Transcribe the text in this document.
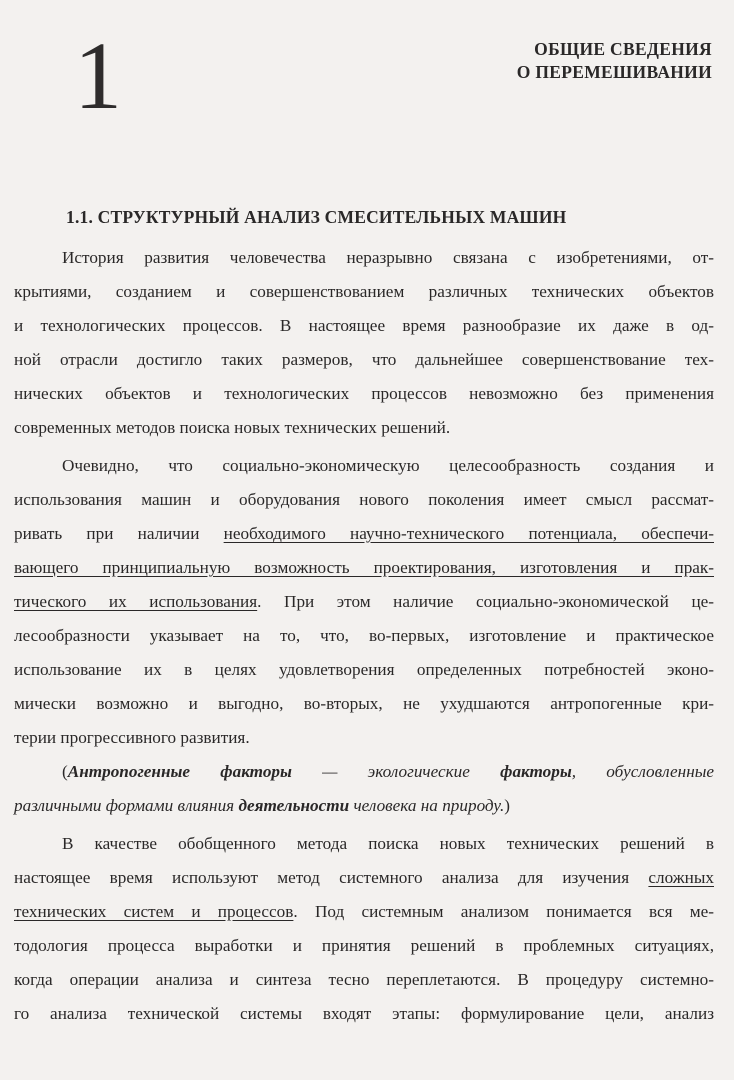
1	ОБЩИЕ СВЕДЕНИЯ
О ПЕРЕМЕШИВАНИИ
1.1. СТРУКТУРНЫЙ АНАЛИЗ СМЕСИТЕЛЬНЫХ МАШИН
История развития человечества неразрывно связана с изобретениями, от-
крытиями, созданием и совершенствованием различных технических объектов
и технологических процессов. В настоящее время разнообразие их даже в од-
ной отрасли достигло таких размеров, что дальнейшее совершенствование тех-
нических объектов и технологических процессов невозможно без применения
современных методов поиска новых технических решений.
Очевидно, что социально-экономическую целесообразность создания и
использования машин и оборудования нового поколения имеет смысл рассмат-
ривать при наличии необходимого научно-технического потенциала, обеспечи-
вающего принципиальную возможность проектирования, изготовления и прак-
тического их использования. При этом наличие социально-экономической це-
лесообразности указывает на то, что, во-первых, изготовление и практическое
использование их в целях удовлетворения определенных потребностей эконо-
мически возможно и выгодно, во-вторых, не ухудшаются антропогенные кри-
терии прогрессивного развития.
(Антропогенные факторы — экологические факторы, обусловленные
различными формами влияния деятельности человека на природу.)
В качестве обобщенного метода поиска новых технических решений в
настоящее время используют метод системного анализа для изучения сложных
технических систем и процессов. Под системным анализом понимается вся ме-
тодология процесса выработки и принятия решений в проблемных ситуациях,
когда операции анализа и синтеза тесно переплетаются. В процедуру системно-
го анализа технической системы входят этапы: формулирование цели, анализ
